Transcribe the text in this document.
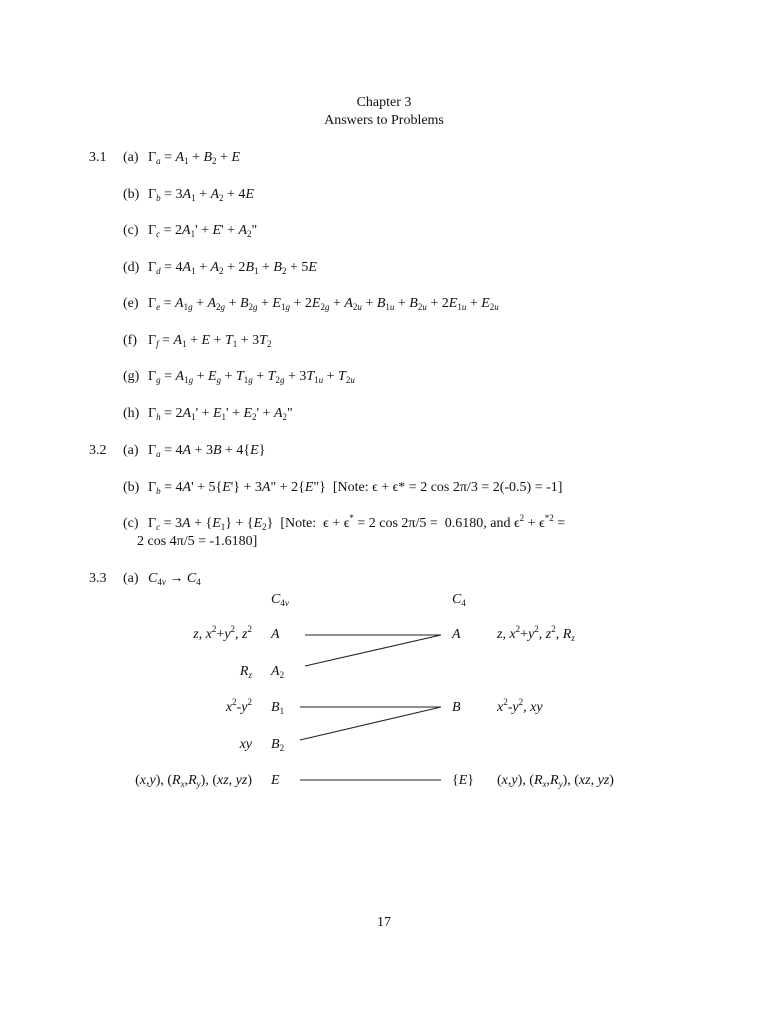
Chapter 3
Answers to Problems
3.1 (a) $\Gamma_a = A_1 + B_2 + E$
(b) $\Gamma_b = 3A_1 + A_2 + 4E$
(c) $\Gamma_c = 2A_1' + E' + A_2$"
(d) $\Gamma_d = 4A_1 + A_2 + 2B_1 + B_2 + 5E$
(e) $\Gamma_e = A_{1g} + A_{2g} + B_{2g} + E_{1g} + 2E_{2g} + A_{2u} + B_{1u} + B_{2u} + 2E_{1u} + E_{2u}$
(f) $\Gamma_f = A_1 + E + T_1 + 3T_2$
(g) $\Gamma_g = A_{1g} + E_g + T_{1g} + T_{2g} + 3T_{1u} + T_{2u}$
(h) $\Gamma_h = 2A_1' + E_1' + E_2' + A_2$"
3.2 (a) $\Gamma_a = 4A + 3B + 4\{E\}$
(b) $\Gamma_b = 4A' + 5\{E'\} + 3A$" + 2{E"}  [Note: ϵ + ϵ* = 2 cos 2π/3 = 2(-0.5) = -1]
(c) $\Gamma_c = 3A + \{E_1\} + \{E_2\}$  [Note:  ϵ + ϵ* = 2 cos 2π/5 =  0.6180, and $\epsilon^2 + \epsilon^{*2}$ =
2 cos 4π/5 = -1.6180]
3.3 (a) $C_{4v} \to C_4$
$C_{4v}$	$C_4$
z, $x^2+y^2$, $z^2$
$R_z$
$x^2-y^2$
xy
(x,y), $(R_x,R_y)$, (xz, yz)
A
$A_2$
$B_1$
$B_2$
E
A
B
{E}
z, $x^2+y^2$, $z^2$, $R_z$
$x^2-y^2$, xy
(x,y), $(R_x,R_y)$, (xz, yz)
17
